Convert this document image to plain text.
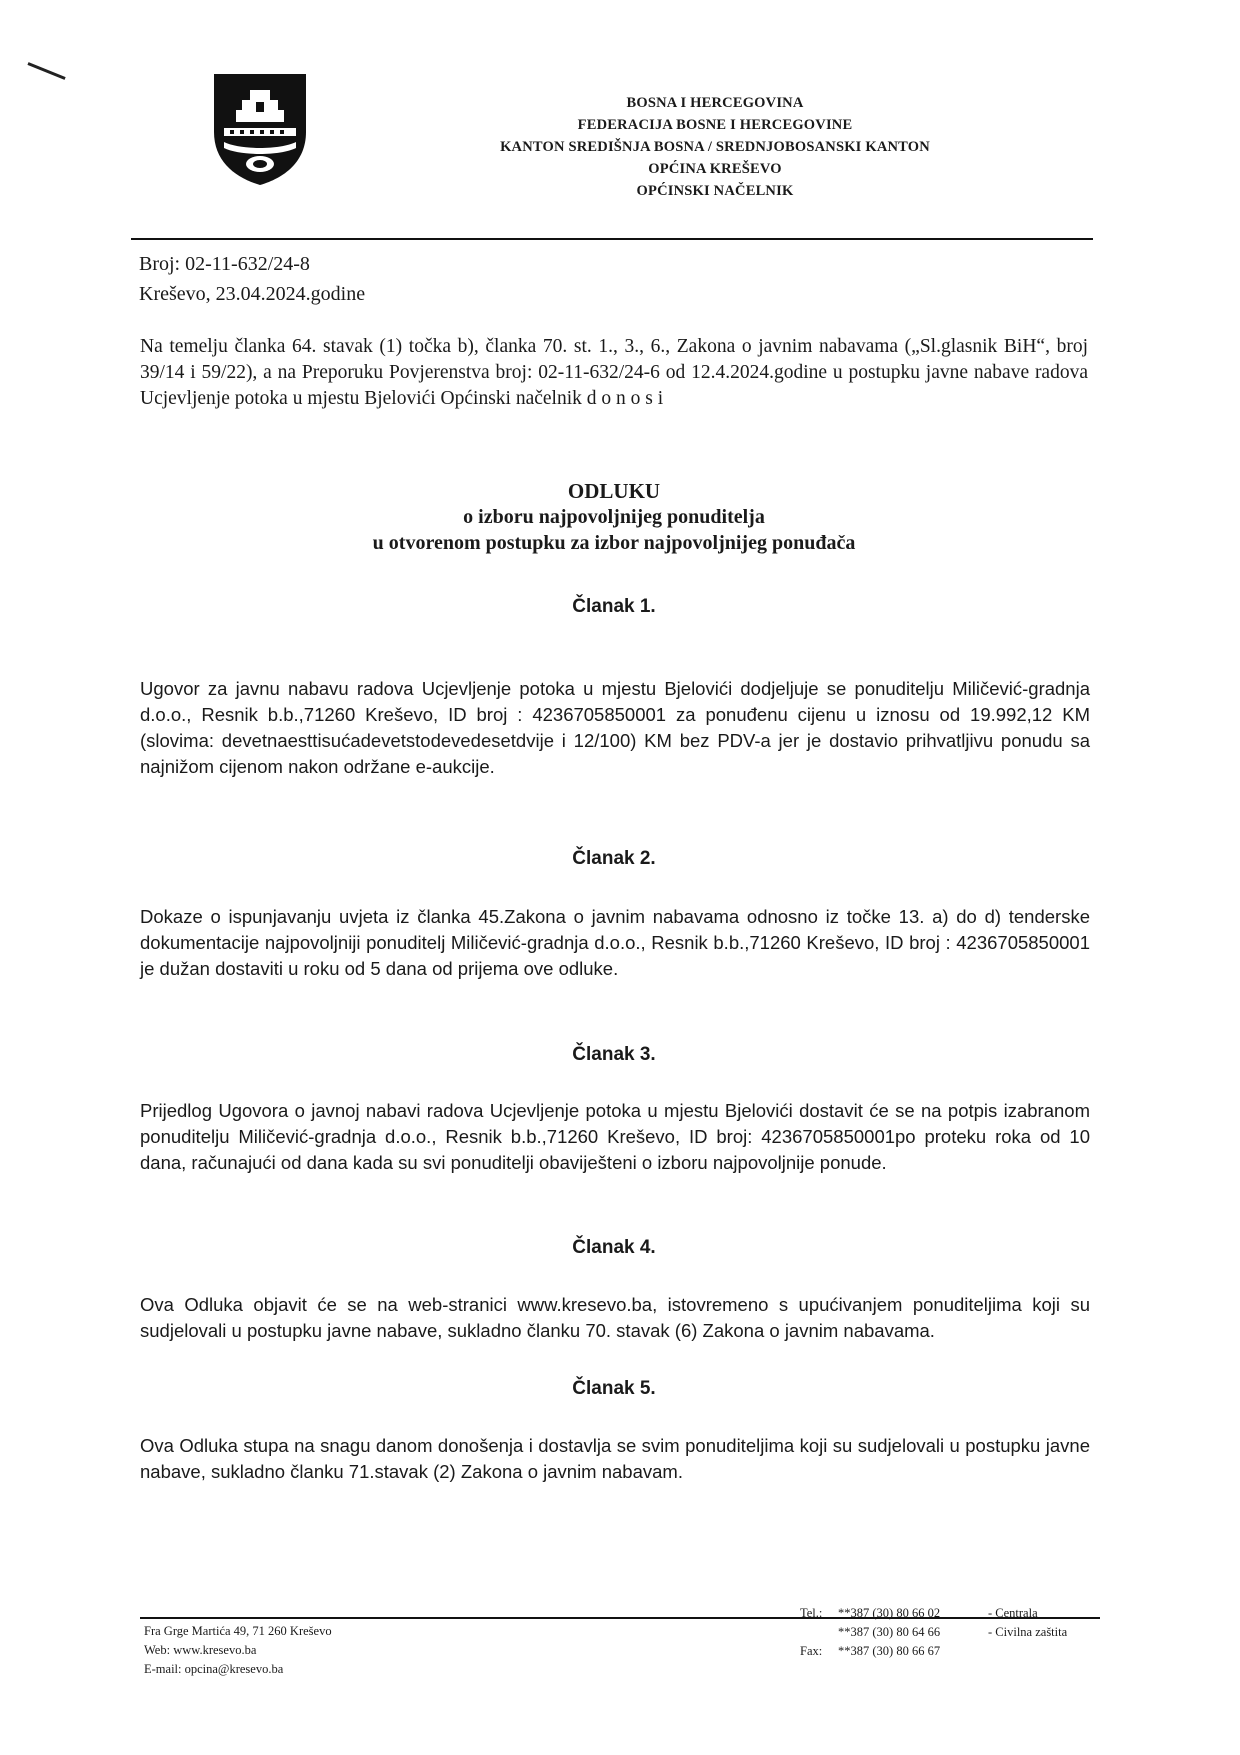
BOSNA I HERCEGOVINA
FEDERACIJA BOSNE I HERCEGOVINE
KANTON SREDIŠNJA BOSNA / SREDNJOBOSANSKI KANTON
OPĆINA KREŠEVO
OPĆINSKI NAČELNIK
Broj: 02-11-632/24-8
Kreševo, 23.04.2024.godine
Na temelju članka 64. stavak (1) točka b), članka 70. st. 1., 3., 6., Zakona o javnim nabavama („Sl.glasnik BiH“, broj 39/14 i 59/22), a na Preporuku Povjerenstva broj: 02-11-632/24-6 od 12.4.2024.godine u postupku javne nabave radova Ucjevljenje potoka u mjestu Bjelovići Općinski načelnik d o n o s i
ODLUKU
o izboru najpovoljnijeg ponuditelja
u otvorenom postupku za izbor najpovoljnijeg ponuđača
Članak 1.
Ugovor za javnu nabavu radova Ucjevljenje potoka u mjestu Bjelovići dodjeljuje se ponuditelju Miličević-gradnja d.o.o., Resnik b.b.,71260 Kreševo, ID broj : 4236705850001 za ponuđenu cijenu u iznosu od 19.992,12 KM (slovima: devetnaesttisućadevetstodevedesetdvije i 12/100) KM bez PDV-a jer je dostavio prihvatljivu ponudu sa najnižom cijenom nakon održane e-aukcije.
Članak 2.
Dokaze o ispunjavanju uvjeta iz članka 45.Zakona o javnim nabavama odnosno iz točke 13. a) do d) tenderske dokumentacije najpovoljniji ponuditelj Miličević-gradnja d.o.o., Resnik b.b.,71260 Kreševo, ID broj : 4236705850001 je dužan dostaviti u roku od 5 dana od prijema ove odluke.
Članak 3.
Prijedlog Ugovora o javnoj nabavi radova Ucjevljenje potoka u mjestu Bjelovići dostavit će se na potpis izabranom ponuditelju Miličević-gradnja d.o.o., Resnik b.b.,71260 Kreševo, ID broj: 4236705850001po proteku roka od 10 dana, računajući od dana kada su svi ponuditelji obaviješteni o izboru najpovoljnije ponude.
Članak 4.
Ova Odluka objavit će se na web-stranici www.kresevo.ba, istovremeno s upućivanjem ponuditeljima koji su sudjelovali u postupku javne nabave, sukladno članku 70. stavak (6) Zakona o javnim nabavama.
Članak 5.
Ova Odluka stupa na snagu danom donošenja i dostavlja se svim ponuditeljima koji su sudjelovali u postupku javne nabave, sukladno članku 71.stavak (2) Zakona o javnim nabavam.
Fra Grge Martića 49, 71 260 Kreševo
Web: www.kresevo.ba
E-mail: opcina@kresevo.ba
Tel.:	**387 (30) 80 66 02	- Centrala
**387 (30) 80 64 66	- Civilna zaštita
Fax:	**387 (30) 80 66 67
